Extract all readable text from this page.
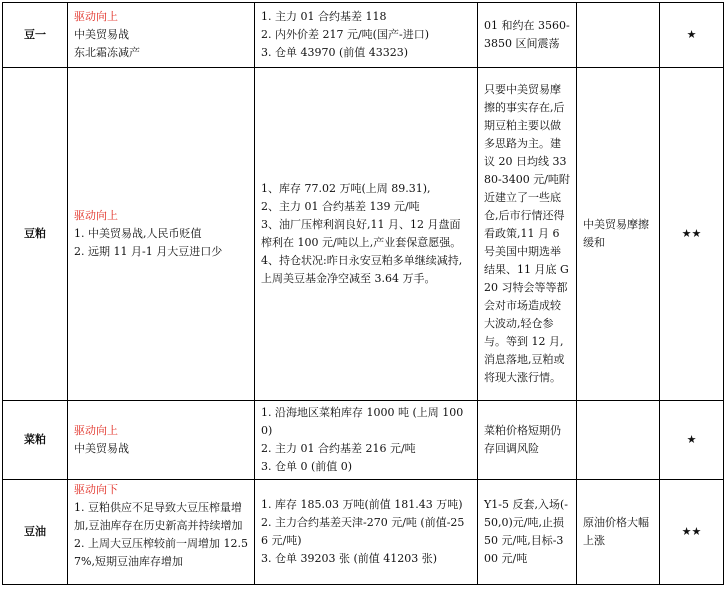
豆一	驱动向上
中美贸易战
东北霜冻减产	1. 主力 01 合约基差 118
2. 内外价差 217 元/吨(国产-进口)
3. 仓单 43970 (前值 43323)	01 和约在 3560-3850 区间震荡		★
豆粕	驱动向上
1. 中美贸易战,人民币贬值
2. 远期 11 月-1 月大豆进口少	1、库存 77.02 万吨(上周 89.31),
2、主力 01 合约基差 139 元/吨
3、油厂压榨利润良好,11 月、12 月盘面榨利在 100 元/吨以上,产业套保意愿强。
4、持仓状况:昨日永安豆粕多单继续减持,上周美豆基金净空减至 3.64 万手。	只要中美贸易摩擦的事实存在,后期豆粕主要以做多思路为主。建议 20 日均线 3380-3400 元/吨附近建立了一些底仓,后市行情还得看政策,11 月 6 号美国中期选举结果、11 月底 G20 习特会等等都会对市场造成较大波动,轻仓参与。等到 12 月,消息落地,豆粕或将现大涨行情。	中美贸易摩擦缓和	★★
菜粕	驱动向上
中美贸易战	1. 沿海地区菜粕库存 1000 吨 (上周 1000)
2. 主力 01 合约基差 216 元/吨
3. 仓单 0 (前值 0)	菜粕价格短期仍存回调风险		★
豆油	驱动向下
1. 豆粕供应不足导致大豆压榨量增加,豆油库存在历史新高并持续增加
2. 上周大豆压榨较前一周增加 12.57%,短期豆油库存增加	1. 库存 185.03 万吨(前值 181.43 万吨)
2. 主力合约基差天津-270 元/吨 (前值-256 元/吨)
3. 仓单 39203 张 (前值 41203 张)	Y1-5 反套,入场(-50,0)元/吨,止损 50 元/吨,目标-300 元/吨	原油价格大幅上涨	★★
